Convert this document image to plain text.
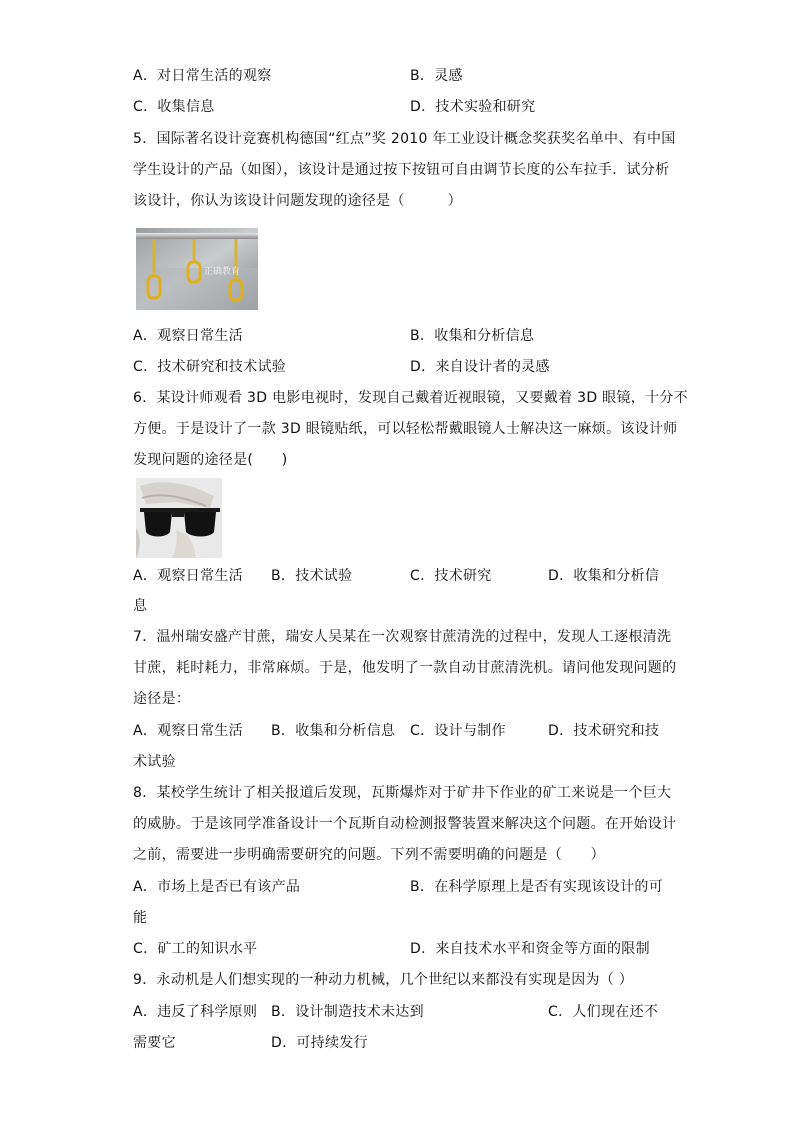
A．对日常生活的观察	B．灵感
C．收集信息	D．技术实验和研究
5．国际著名设计竞赛机构德国“红点”奖 2010 年工业设计概念奖获奖名单中、有中国
学生设计的产品（如图），该设计是通过按下按钮可自由调节长度的公车拉手．试分析
该设计，你认为该设计问题发现的途径是（　　　）
正确教育
A．观察日常生活	B．收集和分析信息
C．技术研究和技术试验	D．来自设计者的灵感
6．某设计师观看 3D 电影电视时，发现自己戴着近视眼镜，又要戴着 3D 眼镜，十分不
方便。于是设计了一款 3D 眼镜贴纸，可以轻松帮戴眼镜人士解决这一麻烦。该设计师
发现问题的途径是(　　)
A．观察日常生活 B．技术试验	C．技术研究	D．收集和分析信
息
7．温州瑞安盛产甘蔗，瑞安人吴某在一次观察甘蔗清洗的过程中，发现人工逐根清洗
甘蔗，耗时耗力，非常麻烦。于是，他发明了一款自动甘蔗清洗机。请问他发现问题的
途径是：
A．观察日常生活 B．收集和分析信息 C．设计与制作	D．技术研究和技
术试验
8．某校学生统计了相关报道后发现，瓦斯爆炸对于矿井下作业的矿工来说是一个巨大
的威胁。于是该同学准备设计一个瓦斯自动检测报警装置来解决这个问题。在开始设计
之前，需要进一步明确需要研究的问题。下列不需要明确的问题是（　　）
A．市场上是否已有该产品	B．在科学原理上是否有实现该设计的可
能
C．矿工的知识水平	D．来自技术水平和资金等方面的限制
9．永动机是人们想实现的一种动力机械，几个世纪以来都没有实现是因为（ ）
A．违反了科学原则 B．设计制造技术未达到	C．人们现在还不
需要它	D．可持续发行
